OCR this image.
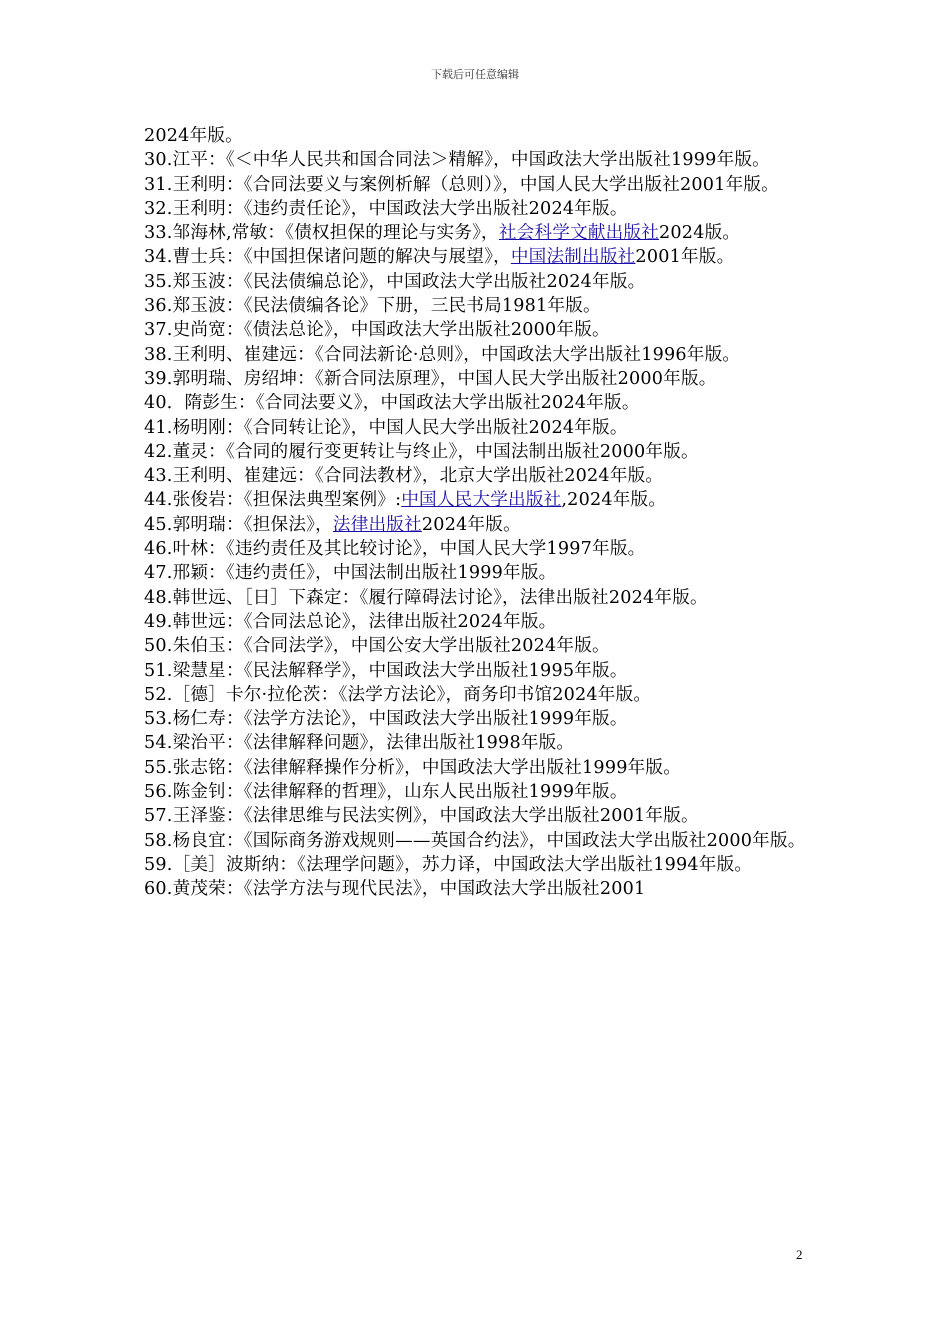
下载后可任意编辑

2024年版。

30.江平：《＜中华人民共和国合同法＞精解》，中国政法大学出版社1999年版。

31.王利明：《合同法要义与案例析解（总则）》，中国人民大学出版社2001年版。

32.王利明：《违约责任论》，中国政法大学出版社2024年版。

33.邹海林,常敏：《债权担保的理论与实务》，社会科学文献出版社2024版。

34.曹士兵：《中国担保诸问题的解决与展望》，中国法制出版社2001年版。

35.郑玉波：《民法债编总论》，中国政法大学出版社2024年版。

36.郑玉波：《民法债编各论》下册，三民书局1981年版。

37.史尚宽：《债法总论》，中国政法大学出版社2000年版。

38.王利明、崔建远：《合同法新论·总则》，中国政法大学出版社1996年版。

39.郭明瑞、房绍坤：《新合同法原理》，中国人民大学出版社2000年版。

40．隋彭生：《合同法要义》，中国政法大学出版社2024年版。

41.杨明刚：《合同转让论》，中国人民大学出版社2024年版。

42.董灵：《合同的履行变更转让与终止》，中国法制出版社2000年版。

43.王利明、崔建远：《合同法教材》，北京大学出版社2024年版。

44.张俊岩：《担保法典型案例》:中国人民大学出版社,2024年版。

45.郭明瑞：《担保法》，法律出版社2024年版。

46.叶林：《违约责任及其比较讨论》，中国人民大学1997年版。

47.邢颖：《违约责任》，中国法制出版社1999年版。

48.韩世远、［日］下森定：《履行障碍法讨论》，法律出版社2024年版。

49.韩世远：《合同法总论》，法律出版社2024年版。

50.朱伯玉：《合同法学》，中国公安大学出版社2024年版。

51.梁慧星：《民法解释学》，中国政法大学出版社1995年版。

52.［德］卡尔·拉伦茨：《法学方法论》，商务印书馆2024年版。

53.杨仁寿：《法学方法论》，中国政法大学出版社1999年版。

54.梁治平：《法律解释问题》，法律出版社1998年版。

55.张志铭：《法律解释操作分析》，中国政法大学出版社1999年版。

56.陈金钊：《法律解释的哲理》，山东人民出版社1999年版。

57.王泽鉴：《法律思维与民法实例》，中国政法大学出版社2001年版。

58.杨良宜：《国际商务游戏规则——英国合约法》，中国政法大学出版社2000年版。

59.［美］波斯纳：《法理学问题》，苏力译，中国政法大学出版社1994年版。

60.黄茂荣：《法学方法与现代民法》，中国政法大学出版社2001

2
